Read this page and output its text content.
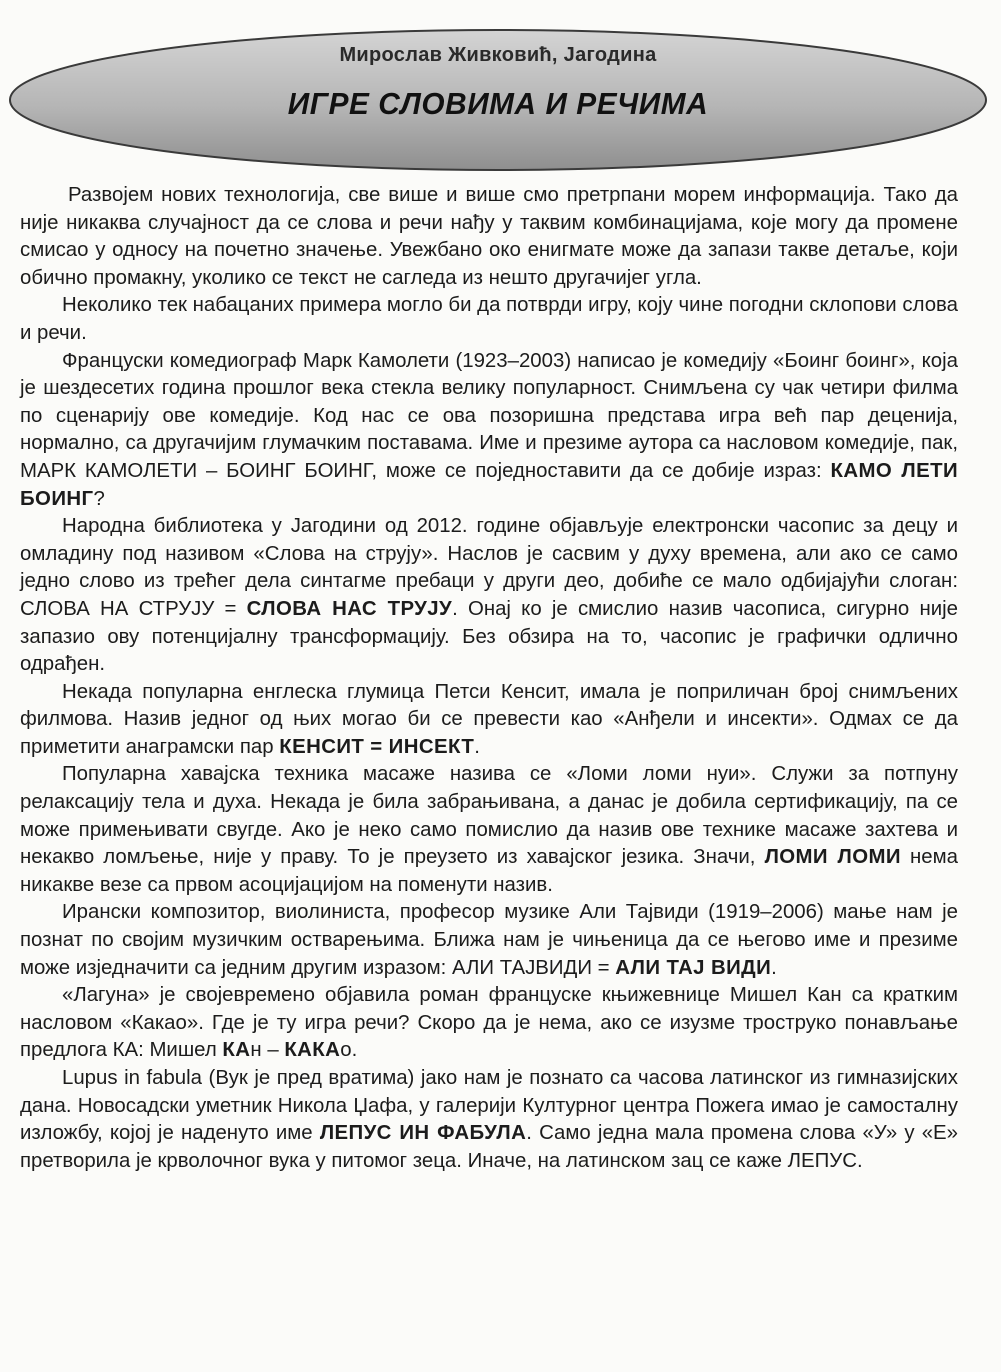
Мирослав Живковић, Јагодина
ИГРЕ СЛОВИМА И РЕЧИМА

Развојем нових технологија, све више и више смо претрпани морем информација. Тако да није никаква случајност да се слова и речи нађу у таквим комбинацијама, које могу да промене смисао у односу на почетно значење. Увежбано око енигмате може да запази такве детаље, који обично промакну, уколико се текст не сагледа из нешто другачијег угла.

Неколико тек набацаних примера могло би да потврди игру, коју чине погодни склопови слова и речи.

Француски комедиограф Марк Камолети (1923–2003) написао је комедију «Боинг боинг», која је шездесетих година прошлог века стекла велику популарност. Снимљена су чак четири филма по сценарију ове комедије. Код нас се ова позоришна представа игра већ пар деценија, нормално, са другачијим глумачким поставама. Име и презиме аутора са насловом комедије, пак, МАРК КАМОЛЕТИ – БОИНГ БОИНГ, може се поједноставити да се добије израз: КАМО ЛЕТИ БОИНГ?

Народна библиотека у Јагодини од 2012. године објављује електронски часопис за децу и омладину под називом «Слова на струју». Наслов је сасвим у духу времена, али ако се само једно слово из трећег дела синтагме пребаци у други део, добиће се мало одбијајући слоган: СЛОВА НА СТРУЈУ = СЛОВА НАС ТРУЈУ. Онај ко је смислио назив часописа, сигурно није запазио ову потенцијалну трансформацију. Без обзира на то, часопис је графички одлично одрађен.

Некада популарна енглеска глумица Петси Кенсит, имала је поприличан број снимљених филмова. Назив једног од њих могао би се превести као «Анђели и инсекти». Одмах се да приметити анаграмски пар КЕНСИТ = ИНСЕКТ.

Популарна хавајска техника масаже назива се «Ломи ломи нуи». Служи за потпуну релаксацију тела и духа. Некада је била забрањивана, а данас је добила сертификацију, па се може примењивати свугде. Ако је неко само помислио да назив ове технике масаже захтева и некакво ломљење, није у праву. То је преузето из хавајског језика. Значи, ЛОМИ ЛОМИ нема никакве везе са првом асоцијацијом на поменути назив.

Ирански композитор, виолиниста, професор музике Али Тајвиди (1919–2006) мање нам је познат по својим музичким остварењима. Ближа нам је чињеница да се његово име и презиме може изједначити са једним другим изразом: АЛИ ТАЈВИДИ = АЛИ ТАЈ ВИДИ.

«Лагуна» је својевремено објавила роман француске књижевнице Мишел Кан са кратким насловом «Какао». Где је ту игра речи? Скоро да је нема, ако се изузме троструко понављање предлога КА: Мишел КАн – КАКАо.

Lupus in fabula (Вук је пред вратима) јако нам је познато са часова латинског из гимназијских дана. Новосадски уметник Никола Џафа, у галерији Културног центра Пожега имао је самосталну изложбу, којој је наденуто име ЛЕПУС ИН ФАБУЛА. Само једна мала промена слова «У» у «Е» претворила је крволочног вука у питомог зеца. Иначе, на латинском зац се каже ЛЕПУС.
